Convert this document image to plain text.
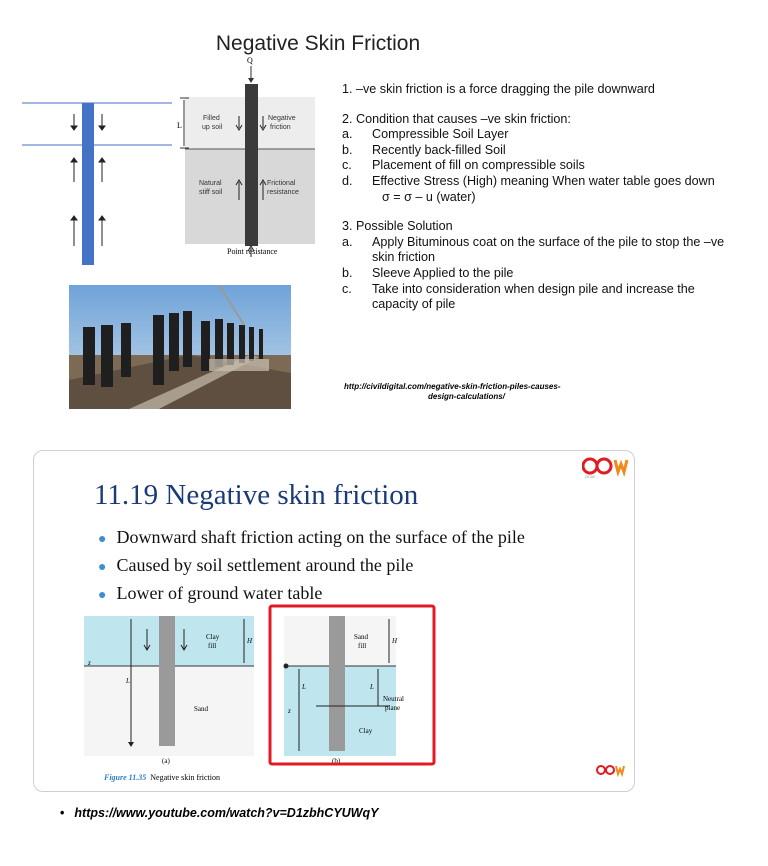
Negative Skin Friction
Q
L
Filled
up soil
Negative
friction
Natural
stiff soil
Frictional
resistance
Point resistance

1. –ve skin friction is a force dragging the pile downward

2. Condition that causes –ve skin friction:

a.	Compressible Soil Layer
b.	Recently back-filled Soil
c.	Placement of fill on compressible soils
d.	Effective Stress (High) meaning When water table goes downσ = σ – u (water)

3. Possible Solution

a.	Apply Bituminous coat on the surface of the pile to stop the –ve skin friction
b.	Sleeve Applied to the pile
c.	Take into consideration when design pile and increase the capacity of pile
http://civildigital.com/negative-skin-friction-piles-causes-
design-calculations/
11.19 Negative skin friction
OCW
● Downward shaft friction acting on the surface of the pile
● Caused by soil settlement around the pile
● Lower of ground water table
Clay
fill
H
z
L
Sand
(a)
Sand
fill
H
L	L
z
Neutral
plane
Clay
(b)
Figure 11.35 Negative skin friction
• https://www.youtube.com/watch?v=D1zbhCYUWqY
